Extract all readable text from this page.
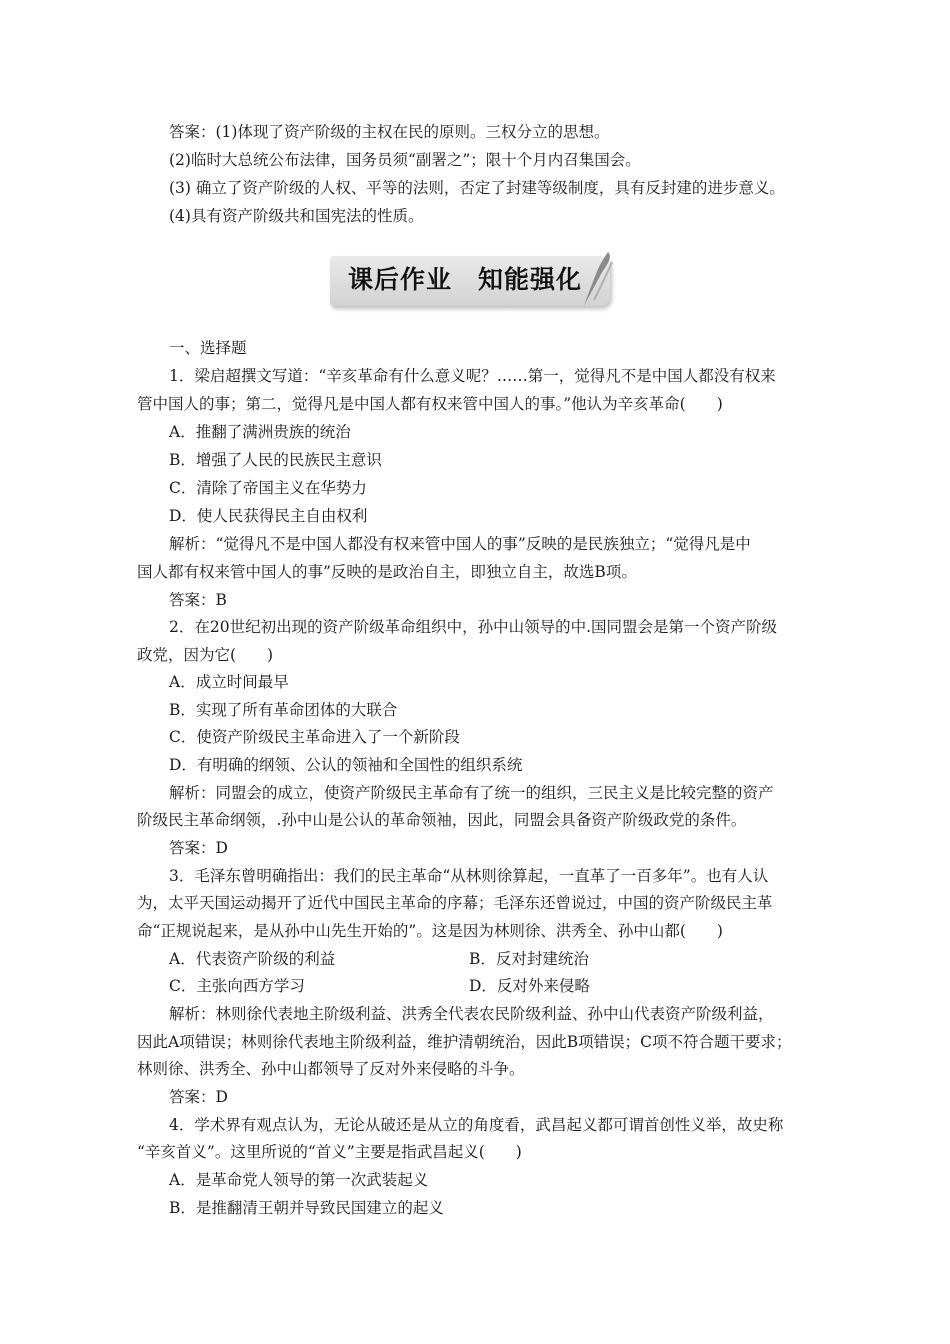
答案：(1)体现了资产阶级的主权在民的原则。三权分立的思想。
(2)临时大总统公布法律，国务员须“副署之”；限十个月内召集国会。
(3) 确立了资产阶级的人权、平等的法则，否定了封建等级制度，具有反封建的进步意义。
(4)具有资产阶级共和国宪法的性质。
课后作业　知能强化
一、选择题
1．梁启超撰文写道：“辛亥革命有什么意义呢？……第一，觉得凡不是中国人都没有权来
管中国人的事；第二，觉得凡是中国人都有权来管中国人的事。”他认为辛亥革命(　　)
A．推翻了满洲贵族的统治
B．增强了人民的民族民主意识
C．清除了帝国主义在华势力
D．使人民获得民主自由权利
解析：“觉得凡不是中国人都没有权来管中国人的事”反映的是民族独立；“觉得凡是中
国人都有权来管中国人的事”反映的是政治自主，即独立自主，故选B项。
答案：B
2．在20世纪初出现的资产阶级革命组织中，孙中山领导的中.国同盟会是第一个资产阶级
政党，因为它(　　)
A．成立时间最早
B．实现了所有革命团体的大联合
C．使资产阶级民主革命进入了一个新阶段
D．有明确的纲领、公认的领袖和全国性的组织系统
解析：同盟会的成立，使资产阶级民主革命有了统一的组织，三民主义是比较完整的资产
阶级民主革命纲领，.孙中山是公认的革命领袖，因此，同盟会具备资产阶级政党的条件。
答案：D
3．毛泽东曾明确指出：我们的民主革命“从林则徐算起，一直革了一百多年”。也有人认
为，太平天国运动揭开了近代中国民主革命的序幕；毛泽东还曾说过，中国的资产阶级民主革
命“正规说起来，是从孙中山先生开始的”。这是因为林则徐、洪秀全、孙中山都(　　)
A．代表资产阶级的利益	B．反对封建统治
C．主张向西方学习	D．反对外来侵略
解析：林则徐代表地主阶级利益、洪秀全代表农民阶级利益、孙中山代表资产阶级利益，
因此A项错误；林则徐代表地主阶级利益，维护清朝统治，因此B项错误；C项不符合题干要求；
林则徐、洪秀全、孙中山都领导了反对外来侵略的斗争。
答案：D
4．学术界有观点认为，无论从破还是从立的角度看，武昌起义都可谓首创性义举，故史称
“辛亥首义”。这里所说的“首义”主要是指武昌起义(　　)
A．是革命党人领导的第一次武装起义
B．是推翻清王朝并导致民国建立的起义
